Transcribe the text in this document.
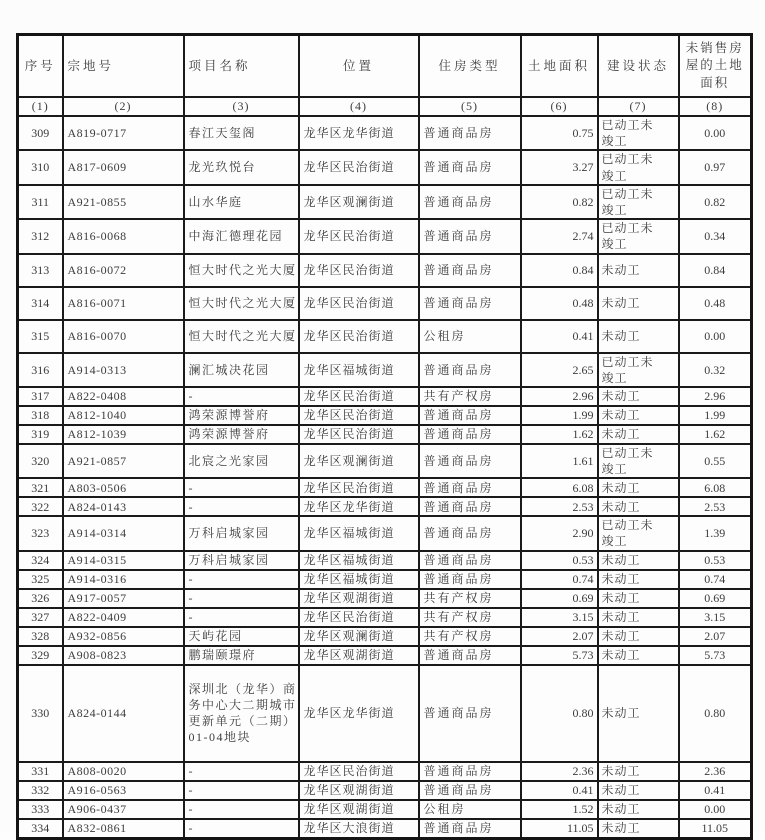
序号	宗地号	项目名称	位置	住房类型	土地面积	建设状态	未销售房屋的土地面积
(1)	(2)	(3)	(4)	(5)	(6)	(7)	(8)
309	A819-0717	春江天玺阁	龙华区龙华街道	普通商品房	0.75	已动工未竣工	0.00
310	A817-0609	龙光玖悦台	龙华区民治街道	普通商品房	3.27	已动工未竣工	0.97
311	A921-0855	山水华庭	龙华区观澜街道	普通商品房	0.82	已动工未竣工	0.82
312	A816-0068	中海汇德理花园	龙华区民治街道	普通商品房	2.74	已动工未竣工	0.34
313	A816-0072	恒大时代之光大厦	龙华区民治街道	普通商品房	0.84	未动工	0.84
314	A816-0071	恒大时代之光大厦	龙华区民治街道	普通商品房	0.48	未动工	0.48
315	A816-0070	恒大时代之光大厦	龙华区民治街道	公租房	0.41	未动工	0.00
316	A914-0313	澜汇城决花园	龙华区福城街道	普通商品房	2.65	已动工未竣工	0.32
317	A822-0408	-	龙华区民治街道	共有产权房	2.96	未动工	2.96
318	A812-1040	鸿荣源博誉府	龙华区民治街道	普通商品房	1.99	未动工	1.99
319	A812-1039	鸿荣源博誉府	龙华区民治街道	普通商品房	1.62	未动工	1.62
320	A921-0857	北宸之光家园	龙华区观澜街道	普通商品房	1.61	已动工未竣工	0.55
321	A803-0506	-	龙华区民治街道	普通商品房	6.08	未动工	6.08
322	A824-0143	-	龙华区龙华街道	普通商品房	2.53	未动工	2.53
323	A914-0314	万科启城家园	龙华区福城街道	普通商品房	2.90	已动工未竣工	1.39
324	A914-0315	万科启城家园	龙华区福城街道	普通商品房	0.53	未动工	0.53
325	A914-0316	-	龙华区福城街道	普通商品房	0.74	未动工	0.74
326	A917-0057	-	龙华区观湖街道	共有产权房	0.69	未动工	0.69
327	A822-0409	-	龙华区民治街道	共有产权房	3.15	未动工	3.15
328	A932-0856	天屿花园	龙华区观澜街道	共有产权房	2.07	未动工	2.07
329	A908-0823	鹏瑞颐璟府	龙华区观湖街道	普通商品房	5.73	未动工	5.73
330	A824-0144	深圳北（龙华）商务中心大二期城市更新单元（二期）01-04地块	龙华区龙华街道	普通商品房	0.80	未动工	0.80
331	A808-0020	-	龙华区民治街道	普通商品房	2.36	未动工	2.36
332	A916-0563	-	龙华区观湖街道	普通商品房	0.41	未动工	0.41
333	A906-0437	-	龙华区观湖街道	公租房	1.52	未动工	0.00
334	A832-0861	-	龙华区大浪街道	普通商品房	11.05	未动工	11.05
